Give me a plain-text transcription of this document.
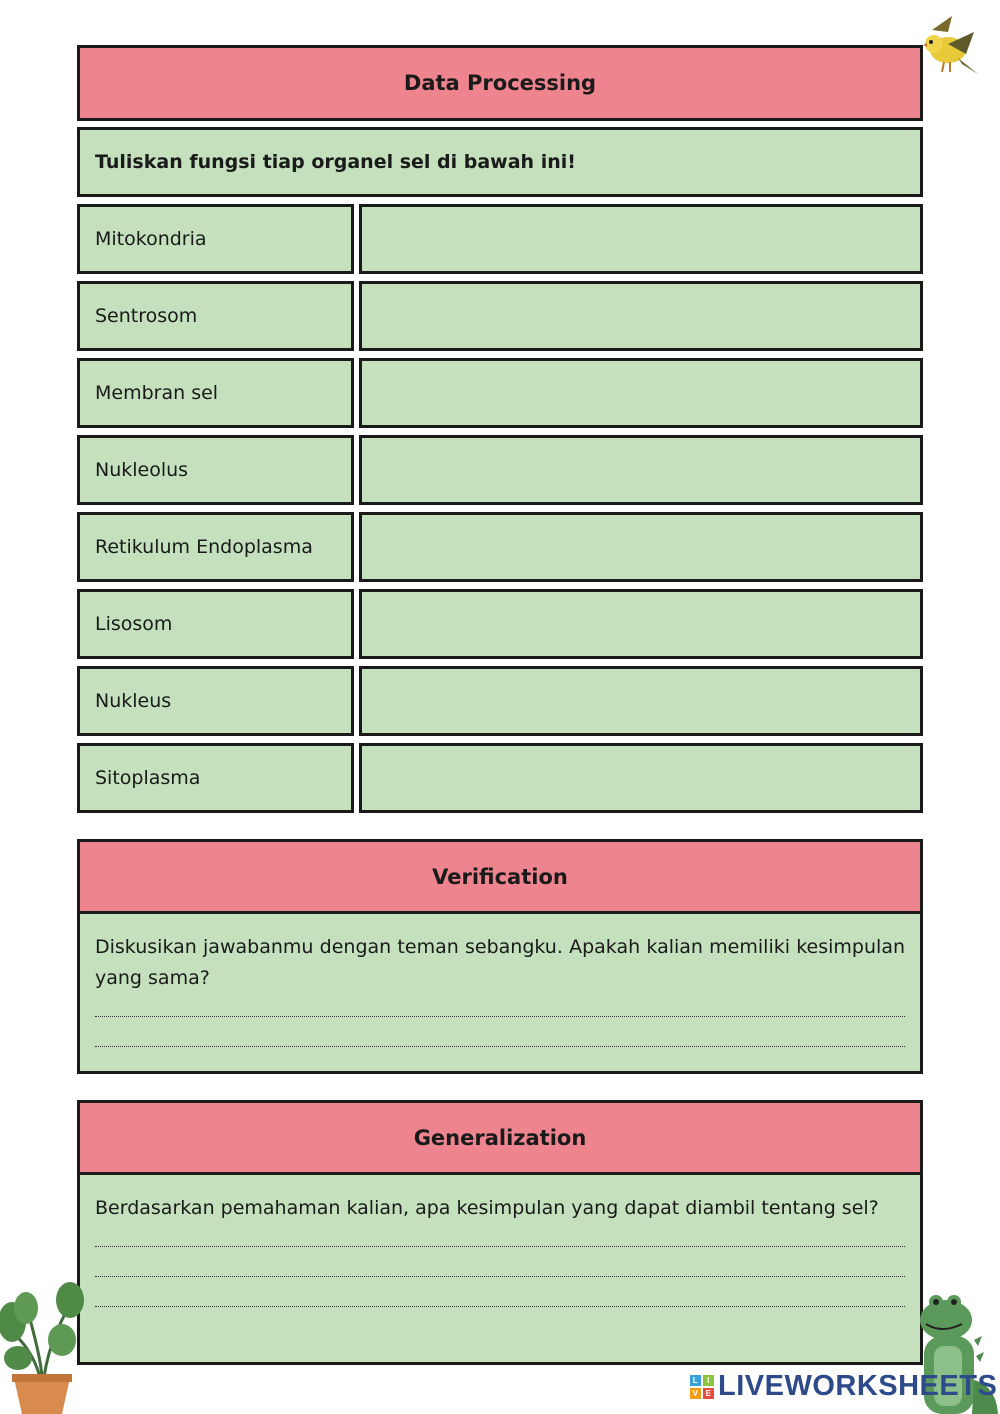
Data Processing
Tuliskan fungsi tiap organel sel di bawah ini!
Mitokondria
Sentrosom
Membran sel
Nukleolus
Retikulum Endoplasma
Lisosom
Nukleus
Sitoplasma
Verification
Diskusikan jawabanmu dengan teman sebangku. Apakah kalian memiliki kesimpulan yang sama?
Generalization
Berdasarkan pemahaman kalian, apa kesimpulan yang dapat diambil tentang sel?
L	I
V E LIVEWORKSHEETS
